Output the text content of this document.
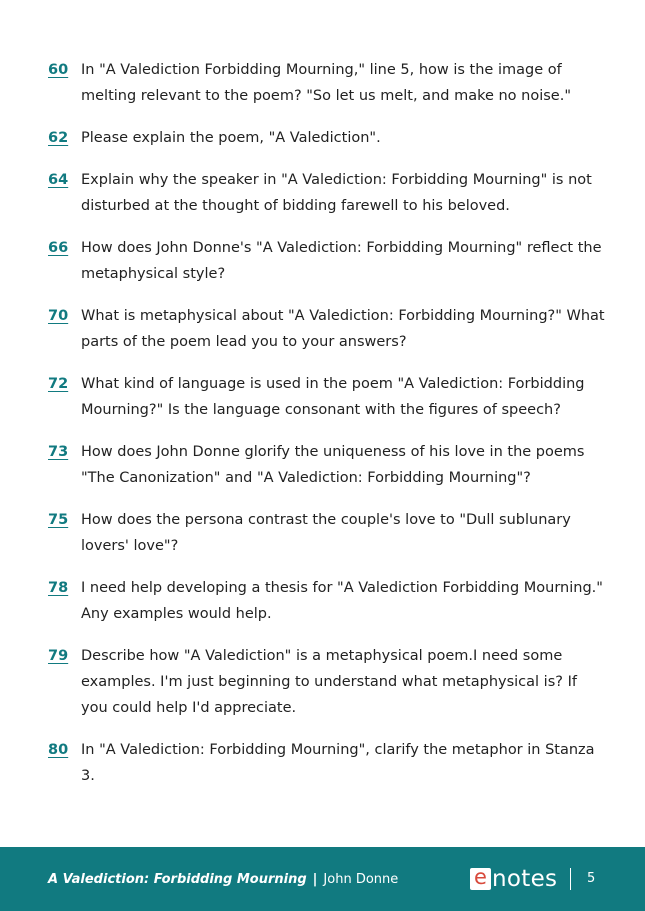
60 In "A Valediction Forbidding Mourning," line 5, how is the image of melting relevant to the poem? "So let us melt, and make no noise."
62 Please explain the poem, "A Valediction".
64 Explain why the speaker in "A Valediction: Forbidding Mourning" is not disturbed at the thought of bidding farewell to his beloved.
66 How does John Donne's "A Valediction: Forbidding Mourning" reflect the metaphysical style?
70 What is metaphysical about "A Valediction: Forbidding Mourning?" What parts of the poem lead you to your answers?
72 What kind of language is used in the poem "A Valediction: Forbidding Mourning?" Is the language consonant with the figures of speech?
73 How does John Donne glorify the uniqueness of his love in the poems "The Canonization" and "A Valediction: Forbidding Mourning"?
75 How does the persona contrast the couple's love to "Dull sublunary lovers' love"?
78 I need help developing a thesis for "A Valediction Forbidding Mourning." Any examples would help.
79 Describe how "A Valediction" is a metaphysical poem.I need some examples. I'm just beginning to understand what metaphysical is? If you could help I'd appreciate.
80 In "A Valediction: Forbidding Mourning", clarify the metaphor in Stanza 3.
A Valediction: Forbidding Mourning | John Donne	e notes 5
